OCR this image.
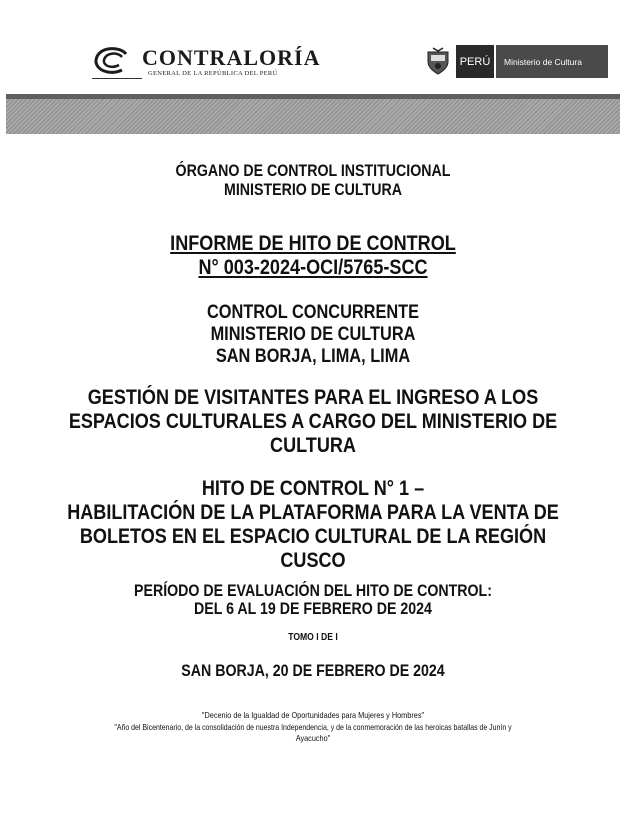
CONTRALORÍA
GENERAL DE LA REPÚBLICA DEL PERÚ
PERÚ	Ministerio de Cultura
ÓRGANO DE CONTROL INSTITUCIONAL
MINISTERIO DE CULTURA
INFORME DE HITO DE CONTROL
N° 003-2024-OCI/5765-SCC
CONTROL CONCURRENTE
MINISTERIO DE CULTURA
SAN BORJA, LIMA, LIMA
GESTIÓN DE VISITANTES PARA EL INGRESO A LOS
ESPACIOS CULTURALES A CARGO DEL MINISTERIO DE
CULTURA
HITO DE CONTROL N° 1 –
HABILITACIÓN DE LA PLATAFORMA PARA LA VENTA DE
BOLETOS EN EL ESPACIO CULTURAL DE LA REGIÓN
CUSCO
PERÍODO DE EVALUACIÓN DEL HITO DE CONTROL:
DEL 6 AL 19 DE FEBRERO DE 2024
TOMO I DE I
SAN BORJA, 20 DE FEBRERO DE 2024
"Decenio de la Igualdad de Oportunidades para Mujeres y Hombres"
"Año del Bicentenario, de la consolidación de nuestra Independencia, y de la conmemoración de las heroicas batallas de Junín y
Ayacucho"
